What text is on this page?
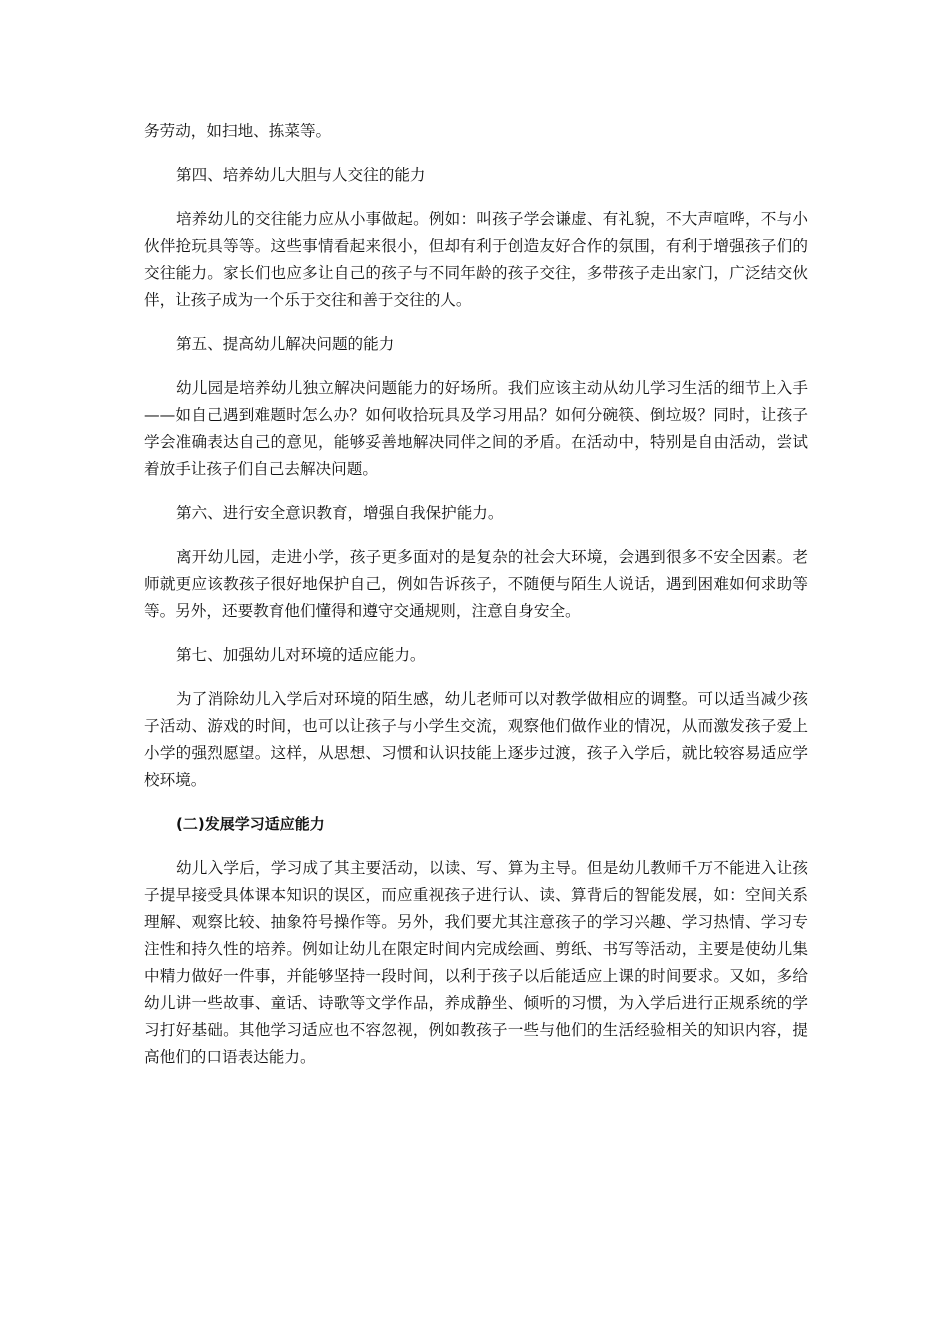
务劳动，如扫地、拣菜等。

第四、培养幼儿大胆与人交往的能力

培养幼儿的交往能力应从小事做起。例如：叫孩子学会谦虚、有礼貌，不大声喧哗，不与小伙伴抢玩具等等。这些事情看起来很小，但却有利于创造友好合作的氛围，有利于增强孩子们的交往能力。家长们也应多让自己的孩子与不同年龄的孩子交往，多带孩子走出家门，广泛结交伙伴，让孩子成为一个乐于交往和善于交往的人。

第五、提高幼儿解决问题的能力

幼儿园是培养幼儿独立解决问题能力的好场所。我们应该主动从幼儿学习生活的细节上入手——如自己遇到难题时怎么办？如何收拾玩具及学习用品？如何分碗筷、倒垃圾？同时，让孩子学会准确表达自己的意见，能够妥善地解决同伴之间的矛盾。在活动中，特别是自由活动，尝试着放手让孩子们自己去解决问题。

第六、进行安全意识教育，增强自我保护能力。

离开幼儿园，走进小学，孩子更多面对的是复杂的社会大环境，会遇到很多不安全因素。老师就更应该教孩子很好地保护自己，例如告诉孩子，不随便与陌生人说话，遇到困难如何求助等等。另外，还要教育他们懂得和遵守交通规则，注意自身安全。

第七、加强幼儿对环境的适应能力。

为了消除幼儿入学后对环境的陌生感，幼儿老师可以对教学做相应的调整。可以适当减少孩子活动、游戏的时间，也可以让孩子与小学生交流，观察他们做作业的情况，从而激发孩子爱上小学的强烈愿望。这样，从思想、习惯和认识技能上逐步过渡，孩子入学后，就比较容易适应学校环境。

(二)发展学习适应能力

幼儿入学后，学习成了其主要活动，以读、写、算为主导。但是幼儿教师千万不能进入让孩子提早接受具体课本知识的误区，而应重视孩子进行认、读、算背后的智能发展，如：空间关系理解、观察比较、抽象符号操作等。另外，我们要尤其注意孩子的学习兴趣、学习热情、学习专注性和持久性的培养。例如让幼儿在限定时间内完成绘画、剪纸、书写等活动，主要是使幼儿集中精力做好一件事，并能够坚持一段时间，以利于孩子以后能适应上课的时间要求。又如，多给幼儿讲一些故事、童话、诗歌等文学作品，养成静坐、倾听的习惯，为入学后进行正规系统的学习打好基础。其他学习适应也不容忽视，例如教孩子一些与他们的生活经验相关的知识内容，提高他们的口语表达能力。
